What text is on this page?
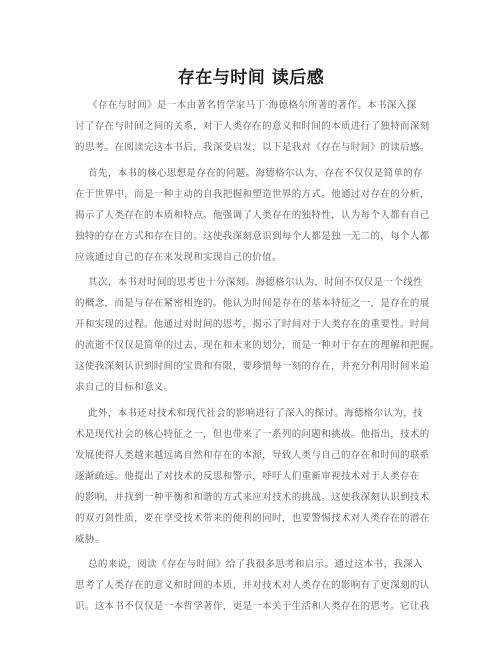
存在与时间 读后感
《存在与时间》是一本由著名哲学家马丁·海德格尔所著的著作。本书深入探
讨了存在与时间之间的关系，对于人类存在的意义和时间的本质进行了独特而深刻
的思考。在阅读完这本书后，我深受启发，以下是我对《存在与时间》的读后感。
首先，本书的核心思想是存在的问题。海德格尔认为，存在不仅仅是简单的存
在于世界中，而是一种主动的自我把握和塑造世界的方式。他通过对存在的分析，
揭示了人类存在的本质和特点。他强调了人类存在的独特性，认为每个人都有自己
独特的存在方式和存在目的。这使我深刻意识到每个人都是独一无二的，每个人都
应该通过自己的存在来发现和实现自己的价值。
其次，本书对时间的思考也十分深刻。海德格尔认为，时间不仅仅是一个线性
的概念，而是与存在紧密相连的。他认为时间是存在的基本特征之一，是存在的展
开和实现的过程。他通过对时间的思考，揭示了时间对于人类存在的重要性。时间
的流逝不仅仅是简单的过去、现在和未来的划分，而是一种对于存在的理解和把握。
这使我深刻认识到时间的宝贵和有限，要珍惜每一刻的存在，并充分利用时间来追
求自己的目标和意义。
此外，本书还对技术和现代社会的影响进行了深入的探讨。海德格尔认为，技
术是现代社会的核心特征之一，但也带来了一系列的问题和挑战。他指出，技术的
发展使得人类越来越远离自然和存在的本源，导致人类与自己的存在和时间的联系
逐渐疏远。他提出了对技术的反思和警示，呼吁人们重新审视技术对于人类存在
的影响，并找到一种平衡和和谐的方式来应对技术的挑战。这使我深刻认识到技术
的双刃剑性质，要在享受技术带来的便利的同时，也要警惕技术对人类存在的潜在
威胁。
总的来说，阅读《存在与时间》给了我很多思考和启示。通过这本书，我深入
思考了人类存在的意义和时间的本质，并对技术对人类存在的影响有了更深刻的认
识。这本书不仅仅是一本哲学著作，更是一本关于生活和人类存在的思考。它让我
